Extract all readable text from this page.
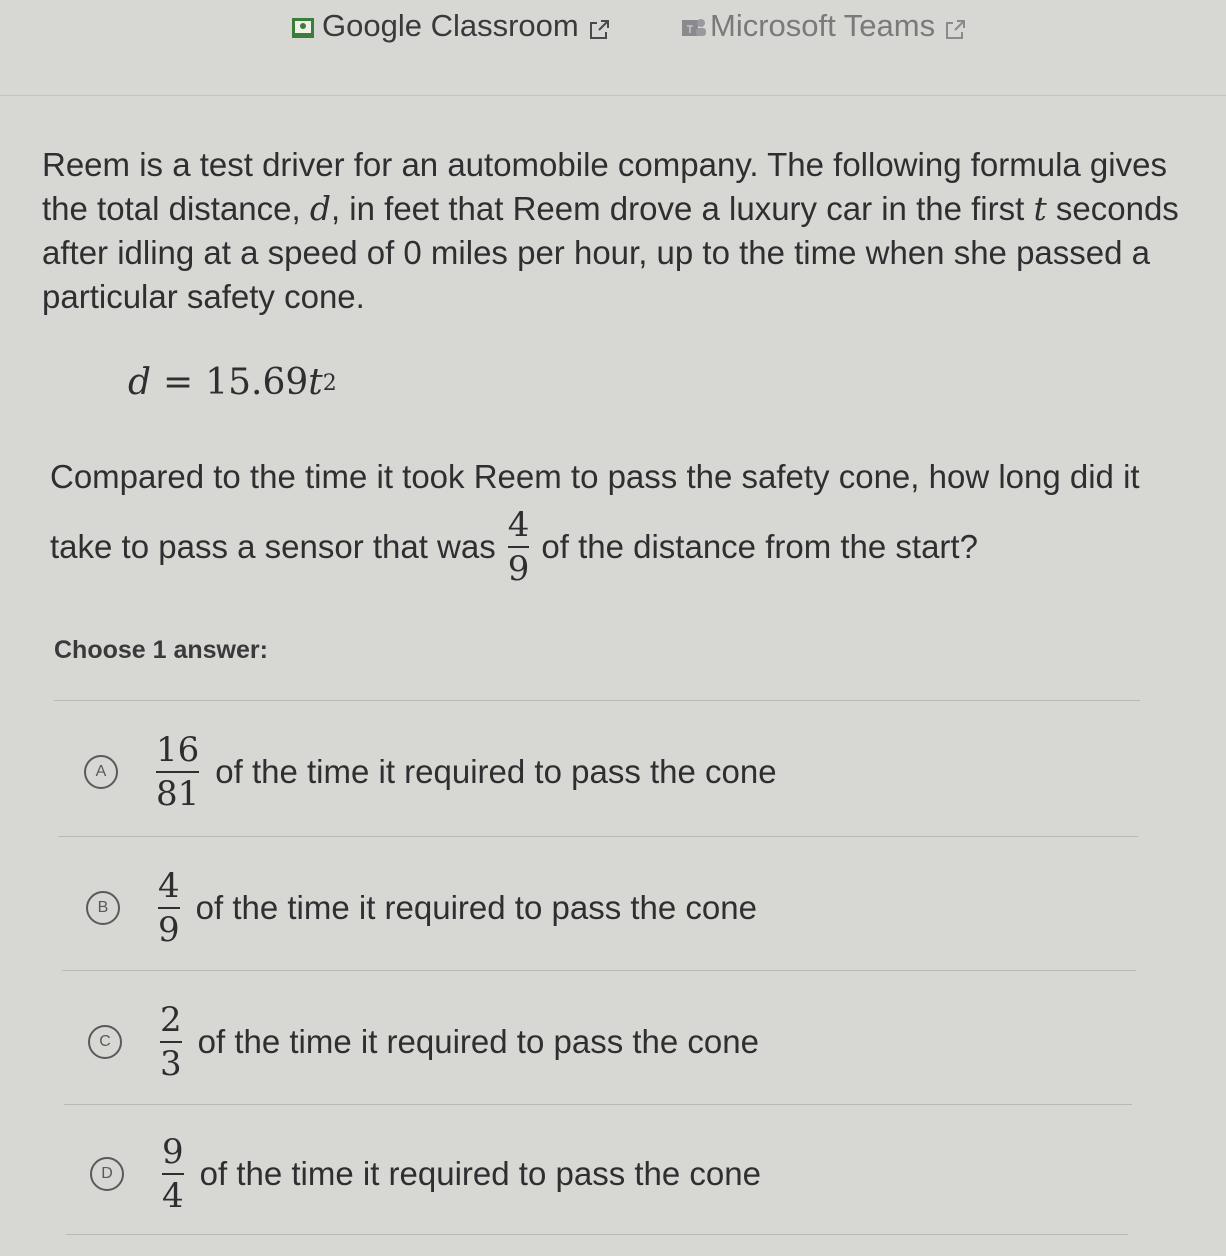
Google Classroom	T Microsoft Teams
Reem is a test driver for an automobile company. The following formula gives the total distance, d, in feet that Reem drove a luxury car in the first t seconds after idling at a speed of 0 miles per hour, up to the time when she passed a particular safety cone.
d = 15.69 $t^2$
Compared to the time it took Reem to pass the safety cone, how long did it
take to pass a sensor that was $\frac{4}{9}$ of the distance from the start?
Choose 1 answer:
A	$\frac{16}{81}$ of the time it required to pass the cone
B	$\frac{4}{9}$ of the time it required to pass the cone
C	$\frac{2}{3}$ of the time it required to pass the cone
D	$\frac{9}{4}$ of the time it required to pass the cone
